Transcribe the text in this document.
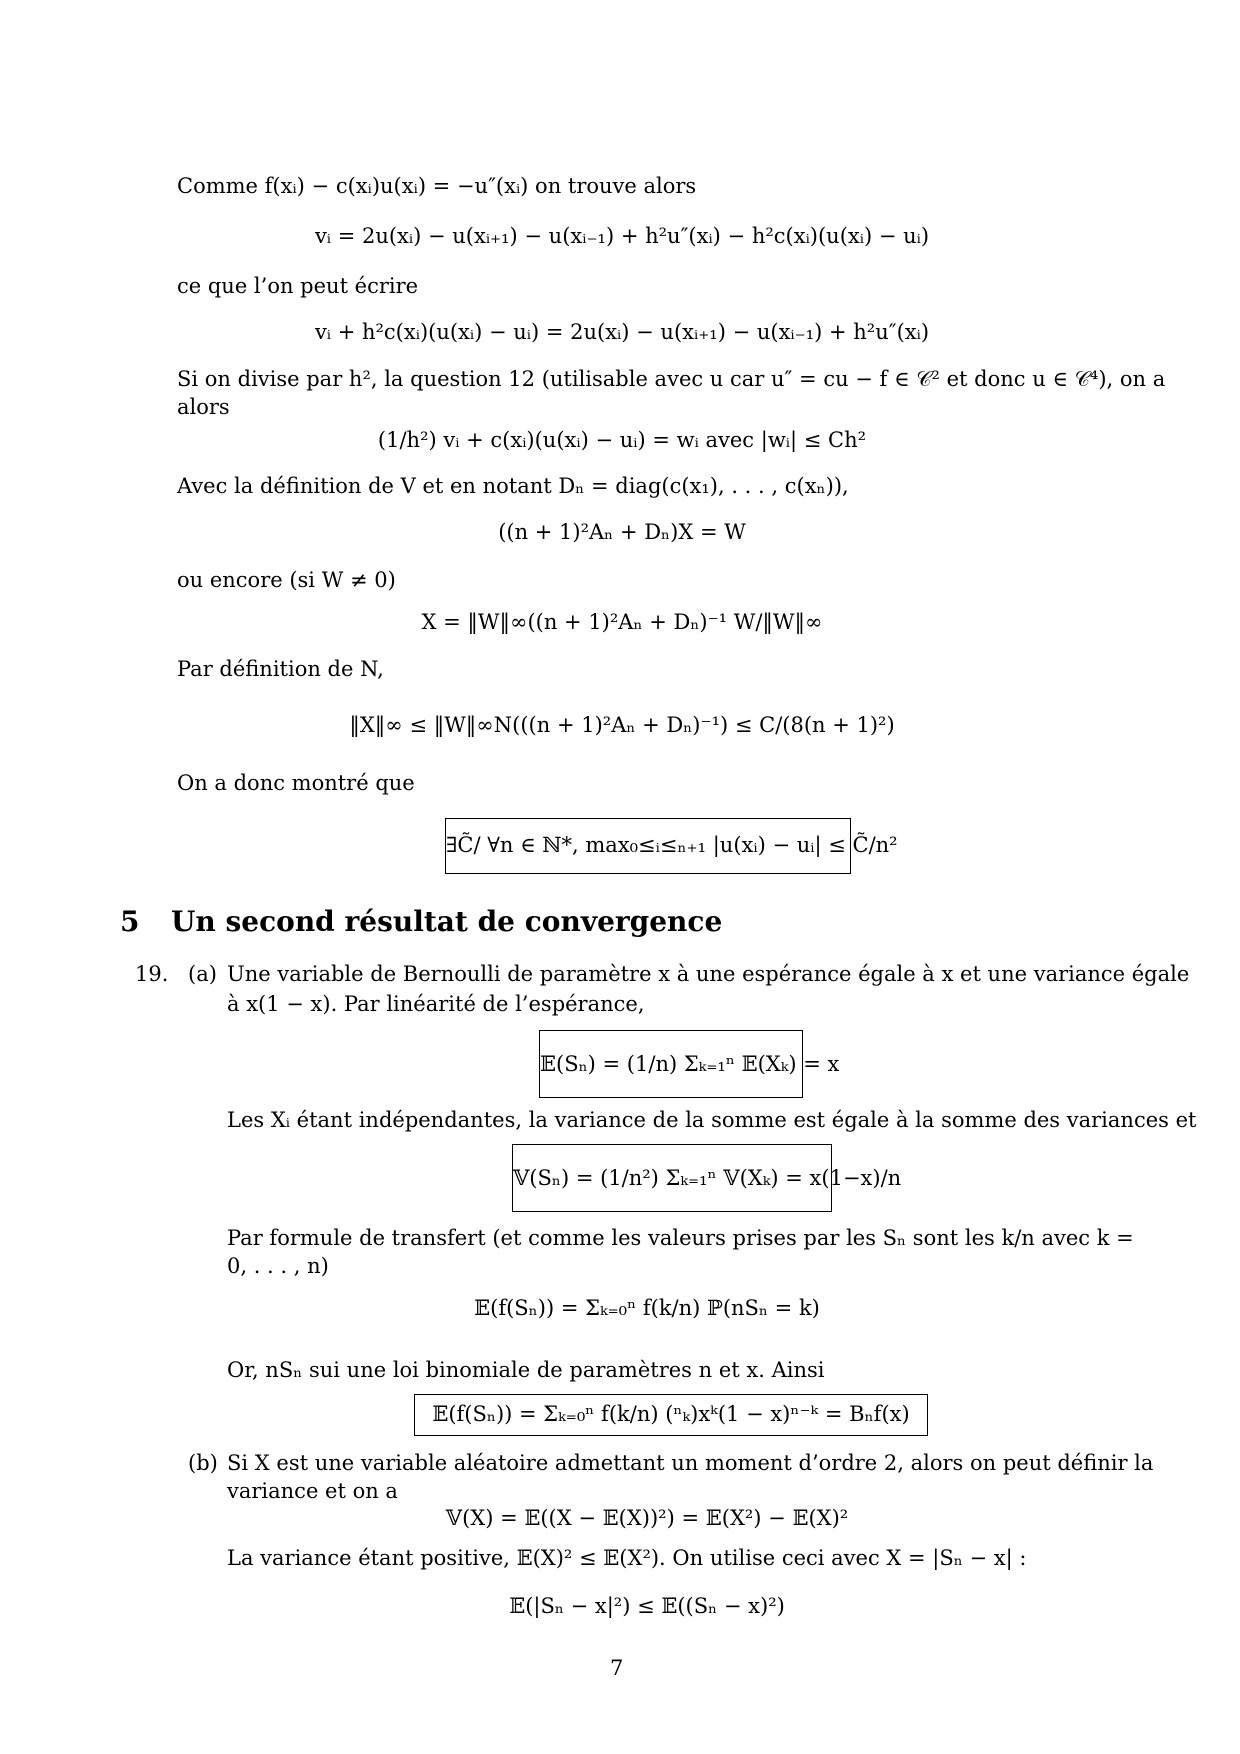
Comme f(xᵢ) − c(xᵢ)u(xᵢ) = −u″(xᵢ) on trouve alors
vᵢ = 2u(xᵢ) − u(xᵢ₊₁) − u(xᵢ₋₁) + h²u″(xᵢ) − h²c(xᵢ)(u(xᵢ) − uᵢ)
ce que l’on peut écrire
vᵢ + h²c(xᵢ)(u(xᵢ) − uᵢ) = 2u(xᵢ) − u(xᵢ₊₁) − u(xᵢ₋₁) + h²u″(xᵢ)
Si on divise par h², la question 12 (utilisable avec u car u″ = cu − f ∈ 𝒞² et donc u ∈ 𝒞⁴), on a
alors
(1/h²) vᵢ + c(xᵢ)(u(xᵢ) − uᵢ) = wᵢ avec |wᵢ| ≤ Ch²
Avec la définition de V et en notant Dₙ = diag(c(x₁), . . . , c(xₙ)),
((n + 1)²Aₙ + Dₙ)X = W
ou encore (si W ≠ 0)
X = ‖W‖∞((n + 1)²Aₙ + Dₙ)⁻¹ W/‖W‖∞
Par définition de N,
‖X‖∞ ≤ ‖W‖∞N(((n + 1)²Aₙ + Dₙ)⁻¹) ≤ C/(8(n + 1)²)
On a donc montré que
∃C̃/ ∀n ∈ ℕ*, max₀≤ᵢ≤ₙ₊₁ |u(xᵢ) − uᵢ| ≤ C̃/n²
5 Un second résultat de convergence
19. (a) Une variable de Bernoulli de paramètre x à une espérance égale à x et une variance égale
à x(1 − x). Par linéarité de l’espérance,
𝔼(Sₙ) = (1/n) Σₖ₌₁ⁿ 𝔼(Xₖ) = x
Les Xᵢ étant indépendantes, la variance de la somme est égale à la somme des variances et
𝕍(Sₙ) = (1/n²) Σₖ₌₁ⁿ 𝕍(Xₖ) = x(1−x)/n
Par formule de transfert (et comme les valeurs prises par les Sₙ sont les k/n avec k =
0, . . . , n)
𝔼(f(Sₙ)) = Σₖ₌₀ⁿ f(k/n) ℙ(nSₙ = k)
Or, nSₙ sui une loi binomiale de paramètres n et x. Ainsi
𝔼(f(Sₙ)) = Σₖ₌₀ⁿ f(k/n) (ⁿₖ)xᵏ(1 − x)ⁿ⁻ᵏ = Bₙf(x)
(b) Si X est une variable aléatoire admettant un moment d’ordre 2, alors on peut définir la
variance et on a
𝕍(X) = 𝔼((X − 𝔼(X))²) = 𝔼(X²) − 𝔼(X)²
La variance étant positive, 𝔼(X)² ≤ 𝔼(X²). On utilise ceci avec X = |Sₙ − x| :
𝔼(|Sₙ − x|²) ≤ 𝔼((Sₙ − x)²)
7
